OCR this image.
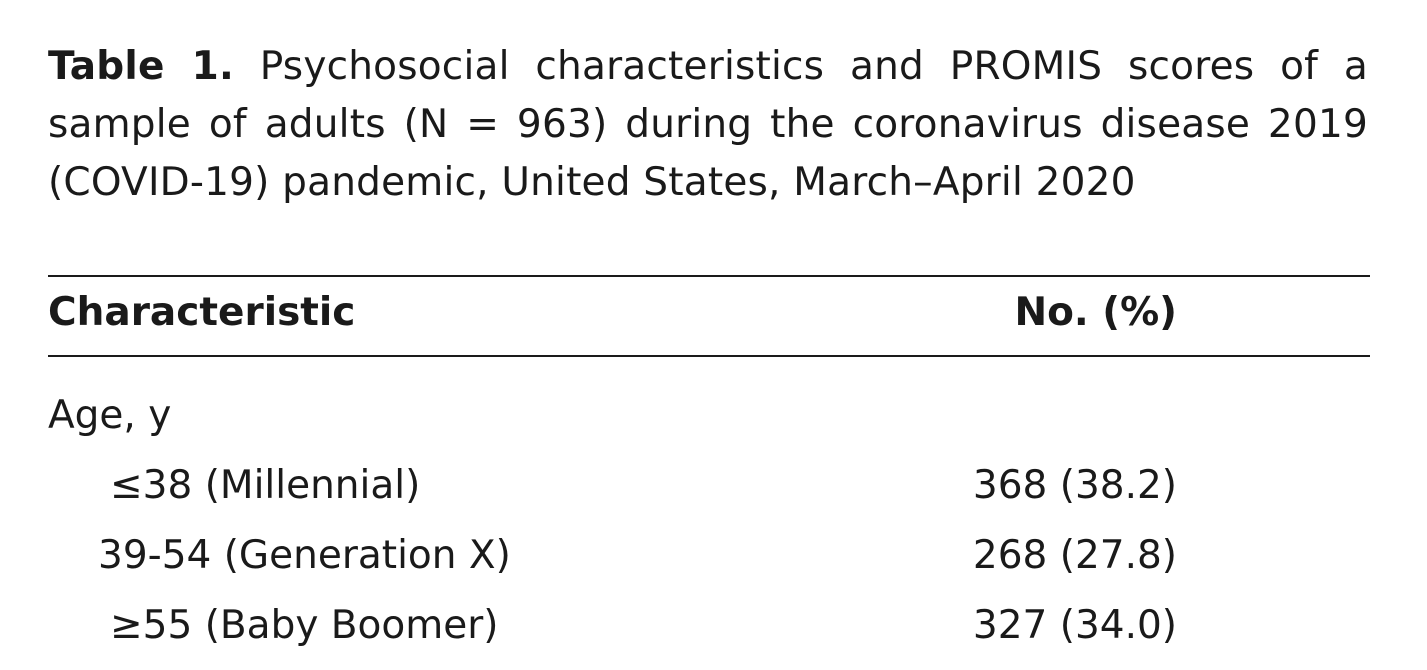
Table 1. Psychosocial characteristics and PROMIS scores of a sample of adults (N = 963) during the coronavirus disease 2019 (COVID-19) pandemic, United States, March–April 2020
Characteristic	No. (%)
Age, y
≤38 (Millennial)	368 (38.2)
39-54 (Generation X)	268 (27.8)
≥55 (Baby Boomer)	327 (34.0)
